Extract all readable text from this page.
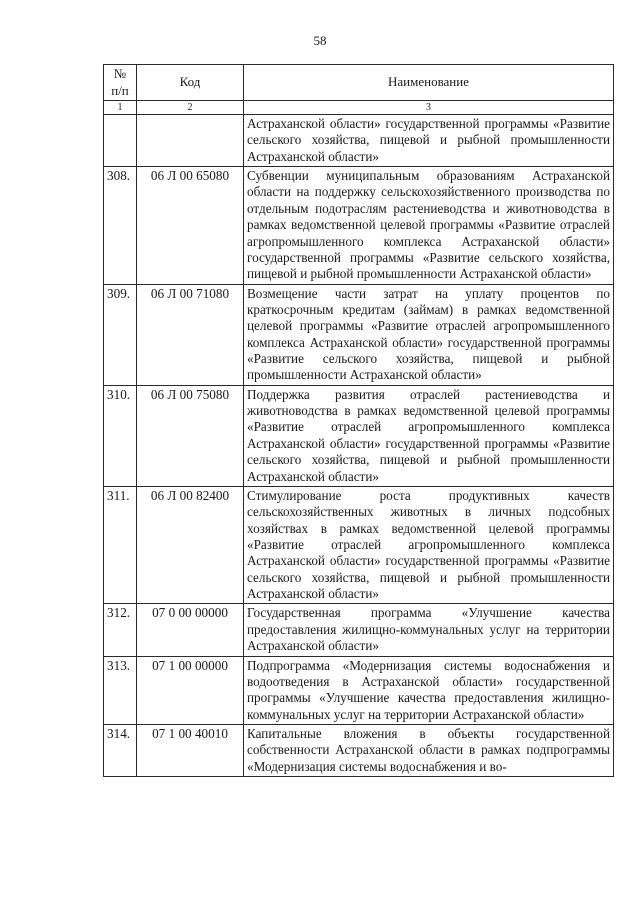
58
№ п/п	Код	Наименование
1	2	3
		Астраханской области» государственной программы «Развитие сельского хозяйства, пищевой и рыбной промышленности Астраханской области»
308.	06 Л 00 65080	Субвенции муниципальным образованиям Астраханской области на поддержку сельскохозяйственного производства по отдельным подотраслям растениеводства и животноводства в рамках ведомственной целевой программы «Развитие отраслей агропромышленного комплекса Астраханской области» государственной программы «Развитие сельского хозяйства, пищевой и рыбной промышленности Астраханской области»
309.	06 Л 00 71080	Возмещение части затрат на уплату процентов по краткосрочным кредитам (займам) в рамках ведомственной целевой программы «Развитие отраслей агропромышленного комплекса Астраханской области» государственной программы «Развитие сельского хозяйства, пищевой и рыбной промышленности Астраханской области»
310.	06 Л 00 75080	Поддержка развития отраслей растениеводства и животноводства в рамках ведомственной целевой программы «Развитие отраслей агропромышленного комплекса Астраханской области» государственной программы «Развитие сельского хозяйства, пищевой и рыбной промышленности Астраханской области»
311.	06 Л 00 82400	Стимулирование роста продуктивных качеств сельскохозяйственных животных в личных подсобных хозяйствах в рамках ведомственной целевой программы «Развитие отраслей агропромышленного комплекса Астраханской области» государственной программы «Развитие сельского хозяйства, пищевой и рыбной промышленности Астраханской области»
312.	07 0 00 00000	Государственная программа «Улучшение качества предоставления жилищно-коммунальных услуг на территории Астраханской области»
313.	07 1 00 00000	Подпрограмма «Модернизация системы водоснабжения и водоотведения в Астраханской области» государственной программы «Улучшение качества предоставления жилищно-коммунальных услуг на территории Астраханской области»
314.	07 1 00 40010	Капитальные вложения в объекты государственной собственности Астраханской области в рамках подпрограммы «Модернизация системы водоснабжения и во-
